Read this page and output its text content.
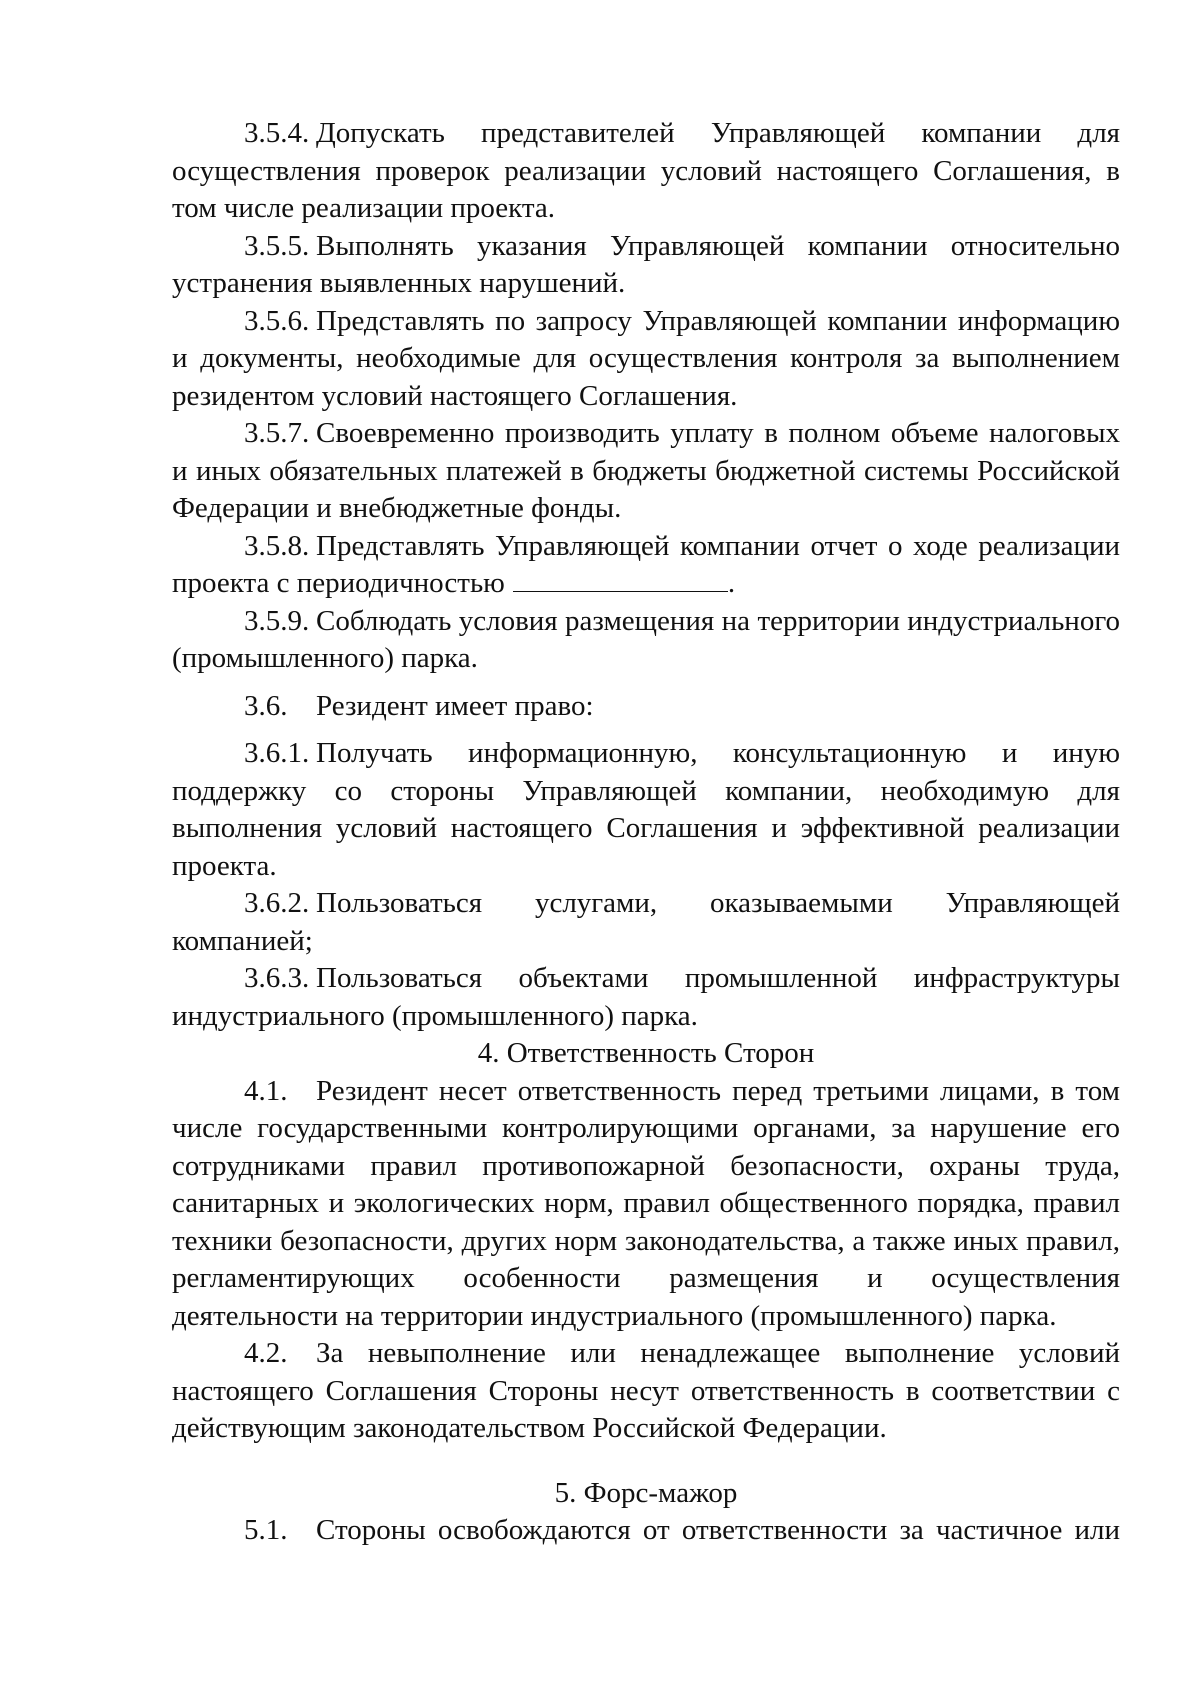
3.5.4. Допускать представителей Управляющей компании для осуществления проверок реализации условий настоящего Соглашения, в том числе реализации проекта.

3.5.5. Выполнять указания Управляющей компании относительно устранения выявленных нарушений.

3.5.6. Представлять по запросу Управляющей компании информацию и документы, необходимые для осуществления контроля за выполнением резидентом условий настоящего Соглашения.

3.5.7. Своевременно производить уплату в полном объеме налоговых и иных обязательных платежей в бюджеты бюджетной системы Российской Федерации и внебюджетные фонды.

3.5.8. Представлять Управляющей компании отчет о ходе реализации проекта с периодичностью	.

3.5.9. Соблюдать условия размещения на территории индустриального (промышленного) парка.

3.6. Резидент имеет право:

3.6.1. Получать информационную, консультационную и иную поддержку со стороны Управляющей компании, необходимую для выполнения условий настоящего Соглашения и эффективной реализации проекта.

3.6.2. Пользоваться услугами, оказываемыми Управляющей компанией;

3.6.3. Пользоваться объектами промышленной инфраструктуры индустриального (промышленного) парка.

4. Ответственность Сторон

4.1. Резидент несет ответственность перед третьими лицами, в том числе государственными контролирующими органами, за нарушение его сотрудниками правил противопожарной безопасности, охраны труда, санитарных и экологических норм, правил общественного порядка, правил техники безопасности, других норм законодательства, а также иных правил, регламентирующих особенности размещения и осуществления деятельности на территории индустриального (промышленного) парка.

4.2. За невыполнение или ненадлежащее выполнение условий настоящего Соглашения Стороны несут ответственность в соответствии с действующим законодательством Российской Федерации.

5. Форс-мажор

5.1. Стороны освобождаются от ответственности за частичное или
